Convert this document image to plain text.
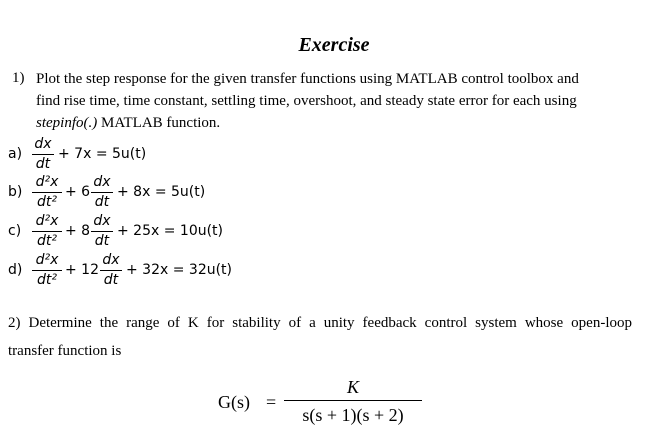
Exercise
1) Plot the step response for the given transfer functions using MATLAB control toolbox and
find rise time, time constant, settling time, overshoot, and steady state error for each using
stepinfo(.) MATLAB function.
a)
dx
dt
+ 7x = 5u(t)
b)
d²x
dt²
+ 6
dx
dt
+ 8x = 5u(t)
c)
d²x
dt²
+ 8
dx
dt
+ 25x = 10u(t)
d)
d²x
dt²
+ 12
dx
dt
+ 32x = 32u(t)
2) Determine the range of K for stability of a unity feedback control system whose open-loop
transfer function is
G(s) =
K
s(s + 1)(s + 2)
